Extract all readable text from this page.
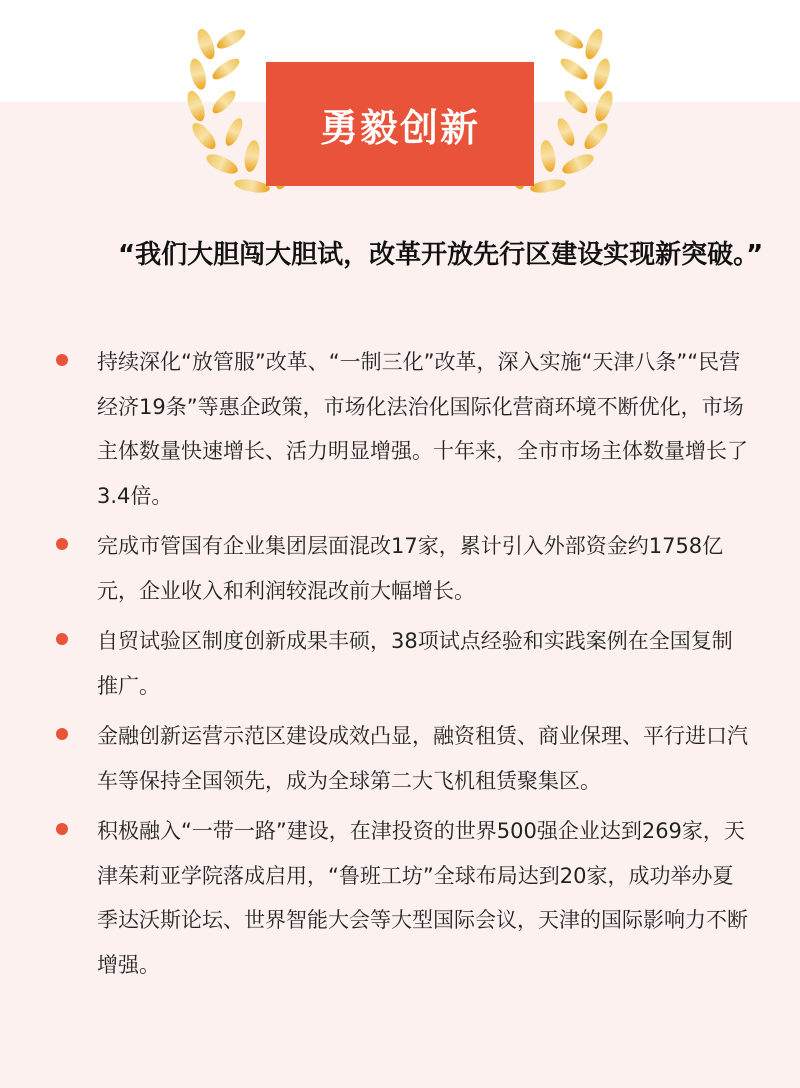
勇毅创新
“我们大胆闯大胆试，改革开放先行区建设实现新突破。”
持续深化“放管服”改革、“一制三化”改革，深入实施“天津八条”“民营经济19条”等惠企政策，市场化法治化国际化营商环境不断优化，市场主体数量快速增长、活力明显增强。十年来，全市市场主体数量增长了3.4倍。
完成市管国有企业集团层面混改17家，累计引入外部资金约1758亿元，企业收入和利润较混改前大幅增长。
自贸试验区制度创新成果丰硕，38项试点经验和实践案例在全国复制推广。
金融创新运营示范区建设成效凸显，融资租赁、商业保理、平行进口汽车等保持全国领先，成为全球第二大飞机租赁聚集区。
积极融入“一带一路”建设，在津投资的世界500强企业达到269家，天津茱莉亚学院落成启用，“鲁班工坊”全球布局达到20家，成功举办夏季达沃斯论坛、世界智能大会等大型国际会议，天津的国际影响力不断增强。
